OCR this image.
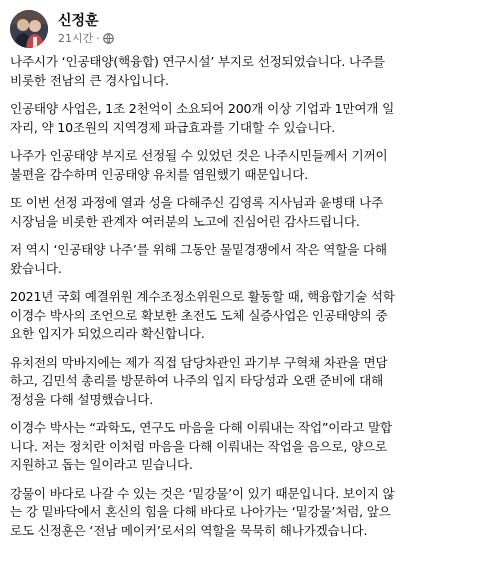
신정훈
21시간 ·

나주시가 ‘인공태양(핵융합) 연구시설’ 부지로 선정되었습니다. 나주를
비롯한 전남의 큰 경사입니다.

인공태양 사업은, 1조 2천억이 소요되어 200개 이상 기업과 1만여개 일
자리, 약 10조원의 지역경제 파급효과를 기대할 수 있습니다.

나주가 인공태양 부지로 선정될 수 있었던 것은 나주시민들께서 기꺼이
불편을 감수하며 인공태양 유치를 염원했기 때문입니다.

또 이번 선정 과정에 열과 성을 다해주신 김영록 지사님과 윤병태 나주
시장님을 비롯한 관계자 여러분의 노고에 진심어린 감사드립니다.

저 역시 ‘인공태양 나주’를 위해 그동안 물밑경쟁에서 작은 역할을 다해
왔습니다.

2021년 국회 예결위원 계수조정소위원으로 활동할 때, 핵융합기술 석학
이경수 박사의 조언으로 확보한 초전도 도체 실증사업은 인공태양의 중
요한 입지가 되었으리라 확신합니다.

유치전의 막바지에는 제가 직접 담당차관인 과기부 구혁채 차관을 면담
하고, 김민석 총리를 방문하여 나주의 입지 타당성과 오랜 준비에 대해
정성을 다해 설명했습니다.

이경수 박사는 “과학도, 연구도 마음을 다해 이뤄내는 작업”이라고 말합
니다. 저는 정치란 이처럼 마음을 다해 이뤄내는 작업을 음으로, 양으로
지원하고 돕는 일이라고 믿습니다.

강물이 바다로 나갈 수 있는 것은 ‘밑강물’이 있기 때문입니다. 보이지 않
는 강 밑바닥에서 혼신의 힘을 다해 바다로 나아가는 ‘밑강물’처럼, 앞으
로도 신정훈은 ‘전남 메이커’로서의 역할을 묵묵히 해나가겠습니다.
